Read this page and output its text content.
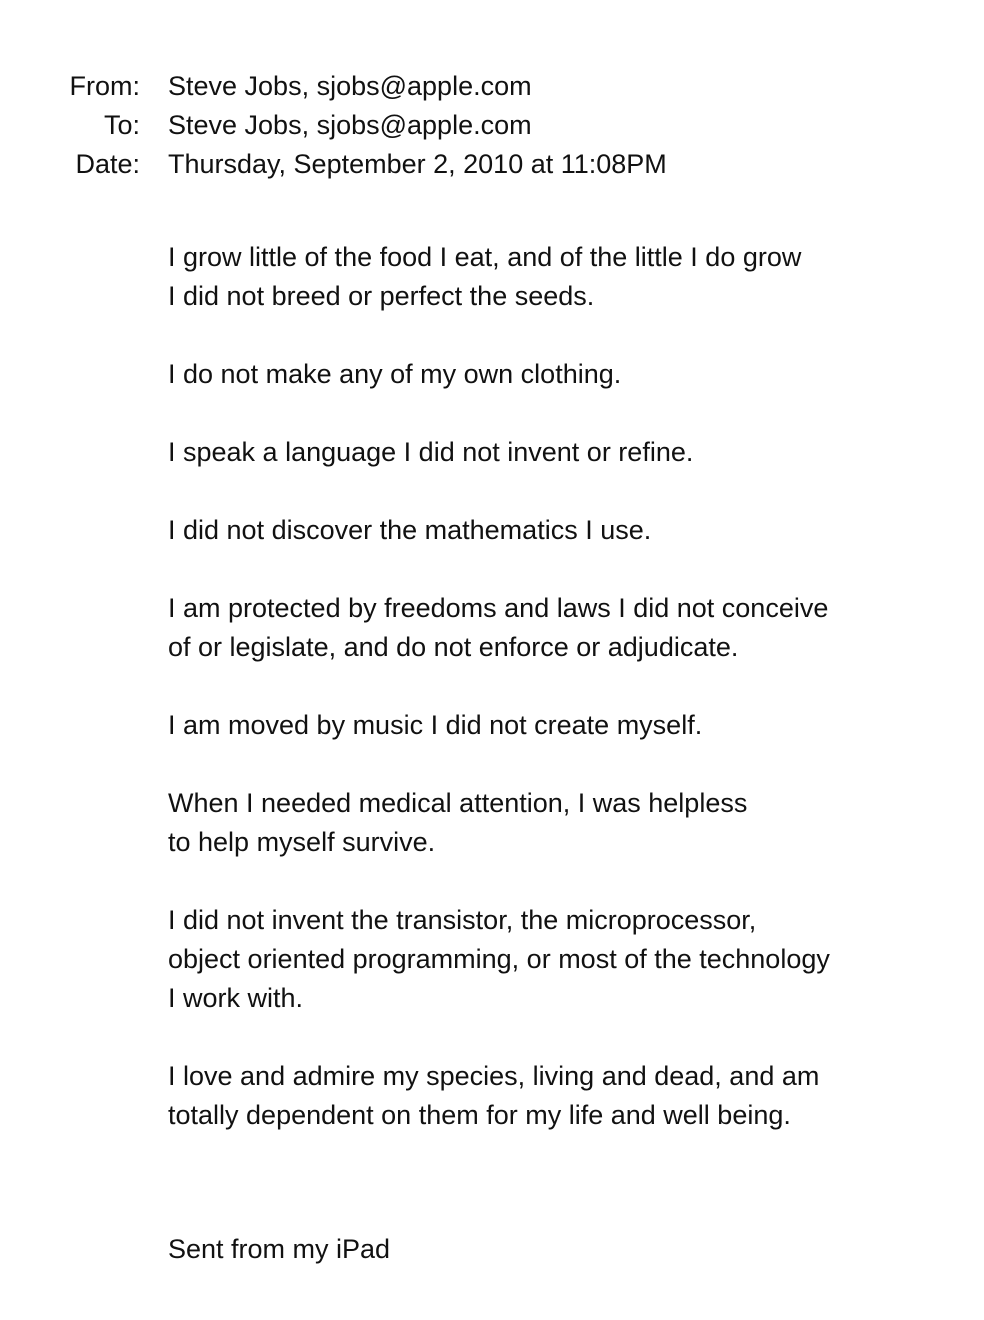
From: Steve Jobs, sjobs@apple.com
To: Steve Jobs, sjobs@apple.com
Date: Thursday, September 2, 2010 at 11:08PM

I grow little of the food I eat, and of the little I do grow
I did not breed or perfect the seeds.

I do not make any of my own clothing.

I speak a language I did not invent or refine.

I did not discover the mathematics I use.

I am protected by freedoms and laws I did not conceive
of or legislate, and do not enforce or adjudicate.

I am moved by music I did not create myself.

When I needed medical attention, I was helpless
to help myself survive.

I did not invent the transistor, the microprocessor,
object oriented programming, or most of the technology
I work with.

I love and admire my species, living and dead, and am
totally dependent on them for my life and well being.

Sent from my iPad
